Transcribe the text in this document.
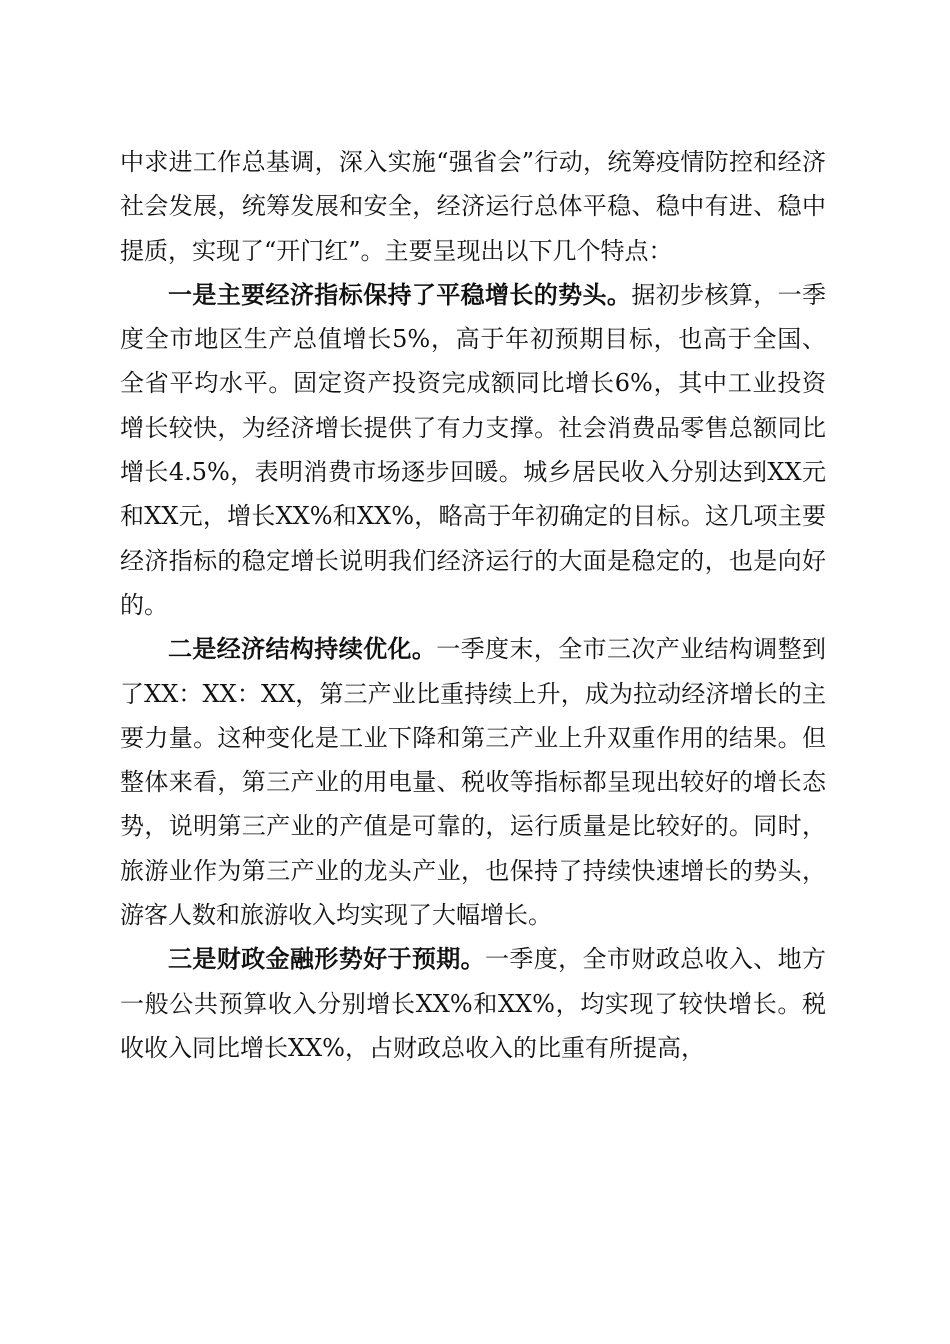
中求进工作总基调，深入实施“强省会”行动，统筹疫情防控和经济社会发展，统筹发展和安全，经济运行总体平稳、稳中有进、稳中提质，实现了“开门红”。主要呈现出以下几个特点：

一是主要经济指标保持了平稳增长的势头。据初步核算，一季度全市地区生产总值增长5%，高于年初预期目标，也高于全国、全省平均水平。固定资产投资完成额同比增长6%，其中工业投资增长较快，为经济增长提供了有力支撑。社会消费品零售总额同比增长4.5%，表明消费市场逐步回暖。城乡居民收入分别达到XX元和XX元，增长XX%和XX%，略高于年初确定的目标。这几项主要经济指标的稳定增长说明我们经济运行的大面是稳定的，也是向好的。

二是经济结构持续优化。一季度末，全市三次产业结构调整到了XX：XX：XX，第三产业比重持续上升，成为拉动经济增长的主要力量。这种变化是工业下降和第三产业上升双重作用的结果。但整体来看，第三产业的用电量、税收等指标都呈现出较好的增长态势，说明第三产业的产值是可靠的，运行质量是比较好的。同时，旅游业作为第三产业的龙头产业，也保持了持续快速增长的势头，游客人数和旅游收入均实现了大幅增长。

三是财政金融形势好于预期。一季度，全市财政总收入、地方一般公共预算收入分别增长XX%和XX%，均实现了较快增长。税收收入同比增长XX%，占财政总收入的比重有所提高，
